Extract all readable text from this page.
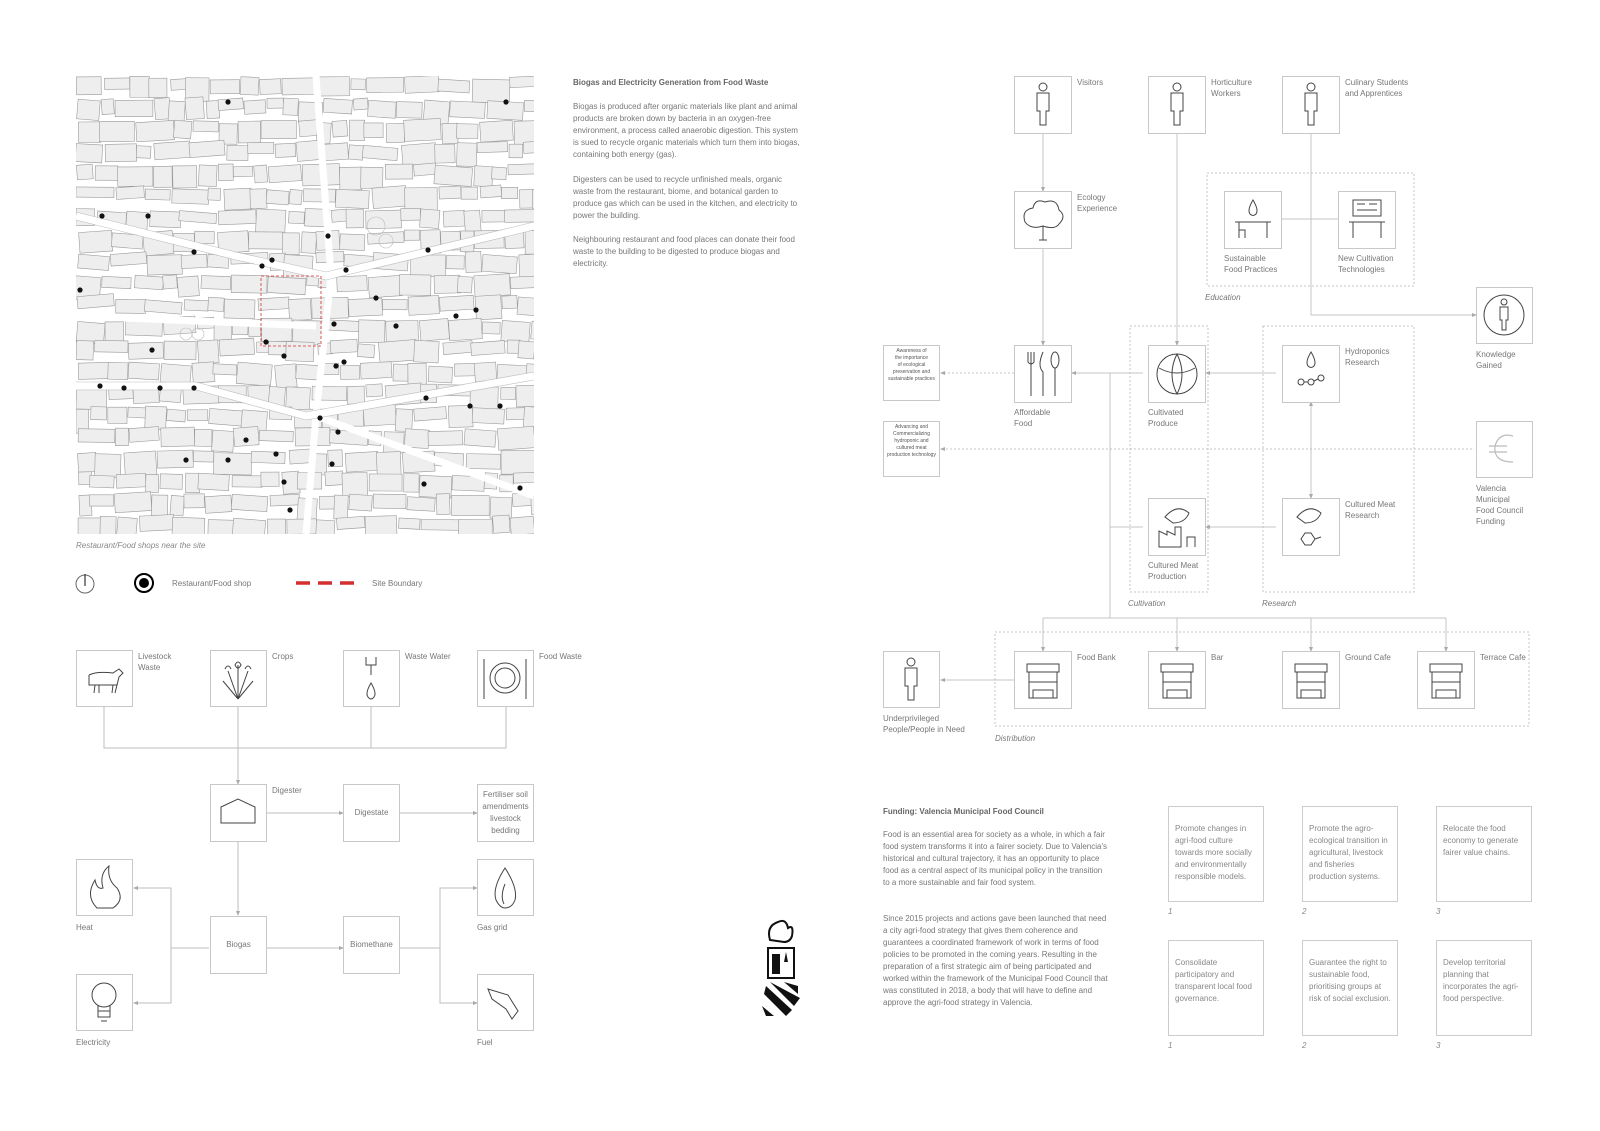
Restaurant/Food shops near the site
Restaurant/Food shop	Site Boundary
Biogas and Electricity Generation from Food Waste
Biogas is produced after organic materials like plant and animal products are broken down by bacteria in an oxygen-free environment, a process called anaerobic digestion. This system is sued to recycle organic materials which turn them into biogas, containing both energy (gas).
Digesters can be used to recycle unfinished meals, organic waste from the restaurant, biome, and botanical garden to produce gas which can be used in the kitchen, and electricity to power the building.
Neighbouring restaurant and food places can donate their food waste to the building to be digested to produce biogas and electricity.
Livestock
Waste
Crops	Waste Water	Food Waste
Digester
Digestate
Fertiliser soil
amendments
livestock
bedding
Heat
Biogas	Biomethane
Gas grid
Electricity	Fuel
Visitors	Horticulture
Workers
Culinary Students
and Apprentices
Ecology
Experience
Sustainable
Food Practices
New Cultivation
Technologies
Education
Knowledge
Gained
Awareness of
the importance
of ecological
preservation and
sustainable practices
Advancing and
Commercializing
hydroponic and
cultured meat
production technology
Affordable
Food
Cultivated
Produce
Hydroponics
Research
Valencia
Municipal
Food Council
Funding
Cultured Meat
Production
Cultured Meat
Research
Cultivation	Research
Underprivileged
People/People in Need
Food Bank	Bar	Ground Cafe	Terrace Cafe
Distribution
Funding: Valencia Municipal Food Council
Food is an essential area for society as a whole, in which a fair food system transforms it into a fairer society. Due to Valencia's historical and cultural trajectory, it has an opportunity to place food as a central aspect of its municipal policy in the transition to a more sustainable and fair food system.
Since 2015 projects and actions gave been launched that need a city agri-food strategy that gives them coherence and guarantees a coordinated framework of work in terms of food policies to be promoted in the coming years. Resulting in the preparation of a first strategic aim of being participated and worked within the framework of the Municipal Food Council that was constituted in 2018, a body that will have to define and approve the agri-food strategy in Valencia.
Promote changes in agri-food culture towards more socially and environmentally responsible models.
1
Promote the agro-ecological transition in agricultural, livestock and fisheries production systems.
2
Relocate the food economy to generate fairer value chains.
3
Consolidate participatory and transparent local food governance.
1
Guarantee the right to sustainable food, prioritising groups at risk of social exclusion.
2
Develop territorial planning that incorporates the agri-food perspective.
3
